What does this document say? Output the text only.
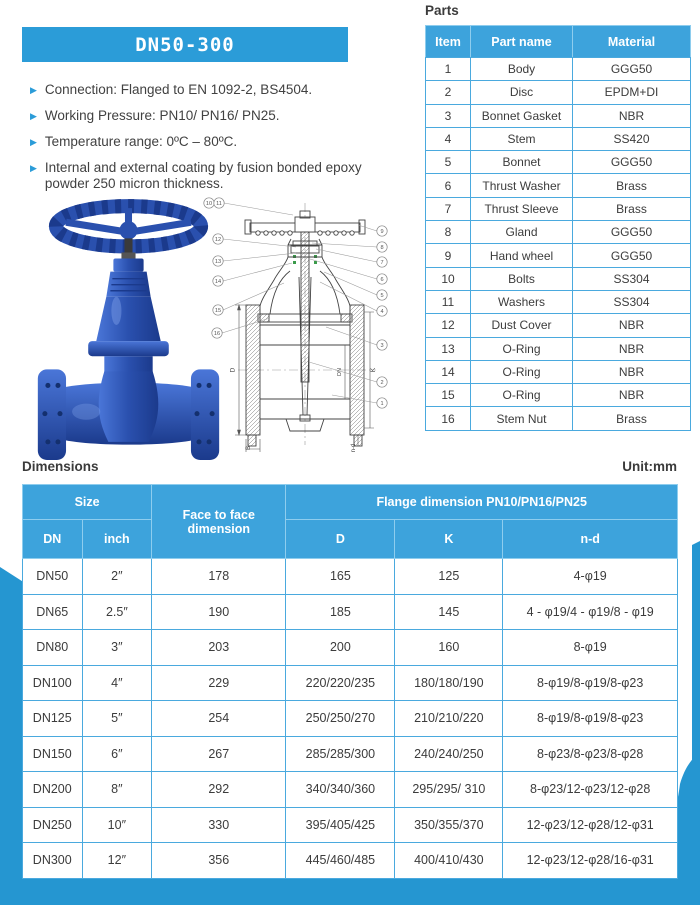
DN50-300
▶ Connection: Flanged to EN 1092-2, BS4504.
▶ Working Pressure: PN10/ PN16/ PN25.
▶ Temperature range: 0ºC – 80ºC.
▶ Internal and external coating by fusion bonded epoxy powder 250 micron thickness.
D	K
DN
B	n-d
10 11
12
13
14
15
16
9
8
7
6
5
4
3
2
1
Parts
Item	Part name	Material
1	Body	GGG50
2	Disc	EPDM+DI
3	Bonnet Gasket	NBR
4	Stem	SS420
5	Bonnet	GGG50
6	Thrust Washer	Brass
7	Thrust Sleeve	Brass
8	Gland	GGG50
9	Hand wheel	GGG50
10	Bolts	SS304
11	Washers	SS304
12	Dust Cover	NBR
13	O-Ring	NBR
14	O-Ring	NBR
15	O-Ring	NBR
16	Stem Nut	Brass
Dimensions	Unit:mm
Size		Face to face dimension	Flange dimension PN10/PN16/PN25		
DN	inch		D	K	n-d
DN50	2″	178	165	125	4-φ19
DN65	2.5″	190	185	145	4 - φ19/4 - φ19/8 - φ19
DN80	3″	203	200	160	8-φ19
DN100	4″	229	220/220/235	180/180/190	8-φ19/8-φ19/8-φ23
DN125	5″	254	250/250/270	210/210/220	8-φ19/8-φ19/8-φ23
DN150	6″	267	285/285/300	240/240/250	8-φ23/8-φ23/8-φ28
DN200	8″	292	340/340/360	295/295/ 310	8-φ23/12-φ23/12-φ28
DN250	10″	330	395/405/425	350/355/370	12-φ23/12-φ28/12-φ31
DN300	12″	356	445/460/485	400/410/430	12-φ23/12-φ28/16-φ31
